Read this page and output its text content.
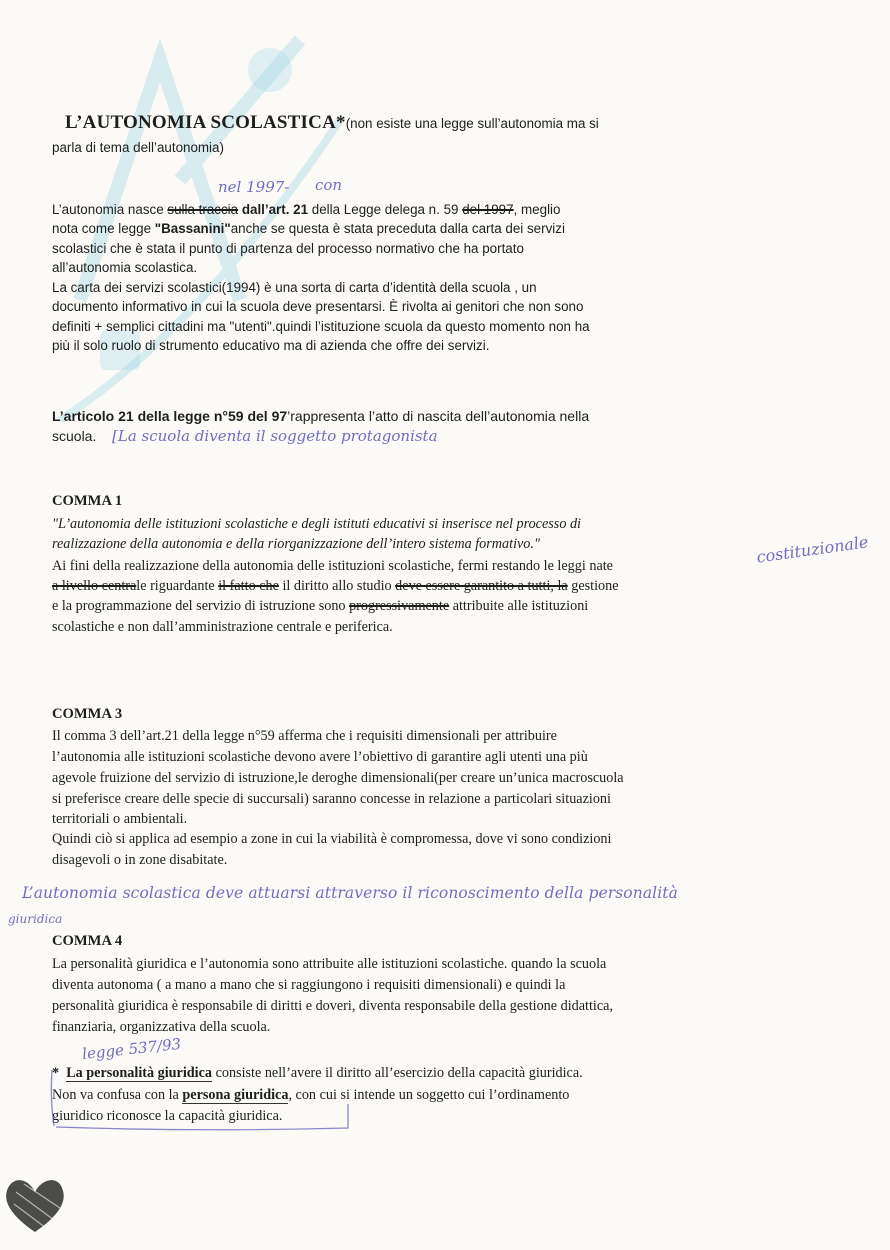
L’AUTONOMIA SCOLASTICA*(non esiste una legge sull’autonomia ma si
parla di tema dell’autonomia)
nel 1997- con
L’autonomia nasce sulla traccia dall’art. 21 della Legge delega n. 59 del 1997, meglio
nota come legge "Bassanini"anche se questa è stata preceduta dalla carta dei servizi
scolastici che è stata il punto di partenza del processo normativo che ha portato
all’autonomia scolastica.
La carta dei servizi scolastici(1994) è una sorta di carta d’identità della scuola , un
documento informativo in cui la scuola deve presentarsi. È rivolta ai genitori che non sono
definiti + semplici cittadini ma "utenti".quindi l’istituzione scuola da questo momento non ha
più il solo ruolo di strumento educativo ma di azienda che offre dei servizi.
L’articolo 21 della legge n°59 del 97’rappresenta l’atto di nascita dell’autonomia nella
scuola. [La scuola diventa il soggetto protagonista
COMMA 1
"L’autonomia delle istituzioni scolastiche e degli istituti educativi si inserisce nel processo di
realizzazione della autonomia e della riorganizzazione dell’intero sistema formativo."
Ai fini della realizzazione della autonomia delle istituzioni scolastiche, fermi restando le leggi nate
a livello centrale riguardante il fatto che il diritto allo studio deve essere garantito a tutti, la gestione
e la programmazione del servizio di istruzione sono progressivamente attribuite alle istituzioni
scolastiche e non dall’amministrazione centrale e periferica.
costituzionale
COMMA 3
Il comma 3 dell’art.21 della legge n°59 afferma che i requisiti dimensionali per attribuire
l’autonomia alle istituzioni scolastiche devono avere l’obiettivo di garantire agli utenti una più
agevole fruizione del servizio di istruzione,le deroghe dimensionali(per creare un’unica macroscuola
si preferisce creare delle specie di succursali) saranno concesse in relazione a particolari situazioni
territoriali o ambientali.
Quindi ciò si applica ad esempio a zone in cui la viabilità è compromessa, dove vi sono condizioni
disagevoli o in zone disabitate.
L’autonomia scolastica deve attuarsi attraverso il riconoscimento della personalità
giuridica
COMMA 4
La personalità giuridica e l’autonomia sono attribuite alle istituzioni scolastiche. quando la scuola
diventa autonoma ( a mano a mano che si raggiungono i requisiti dimensionali) e quindi la
personalità giuridica è responsabile di diritti e doveri, diventa responsabile della gestione didattica,
finanziaria, organizzativa della scuola.
legge 537/93
* La personalità giuridica consiste nell’avere il diritto all’esercizio della capacità giuridica.
Non va confusa con la persona giuridica, con cui si intende un soggetto cui l’ordinamento
giuridico riconosce la capacità giuridica.
